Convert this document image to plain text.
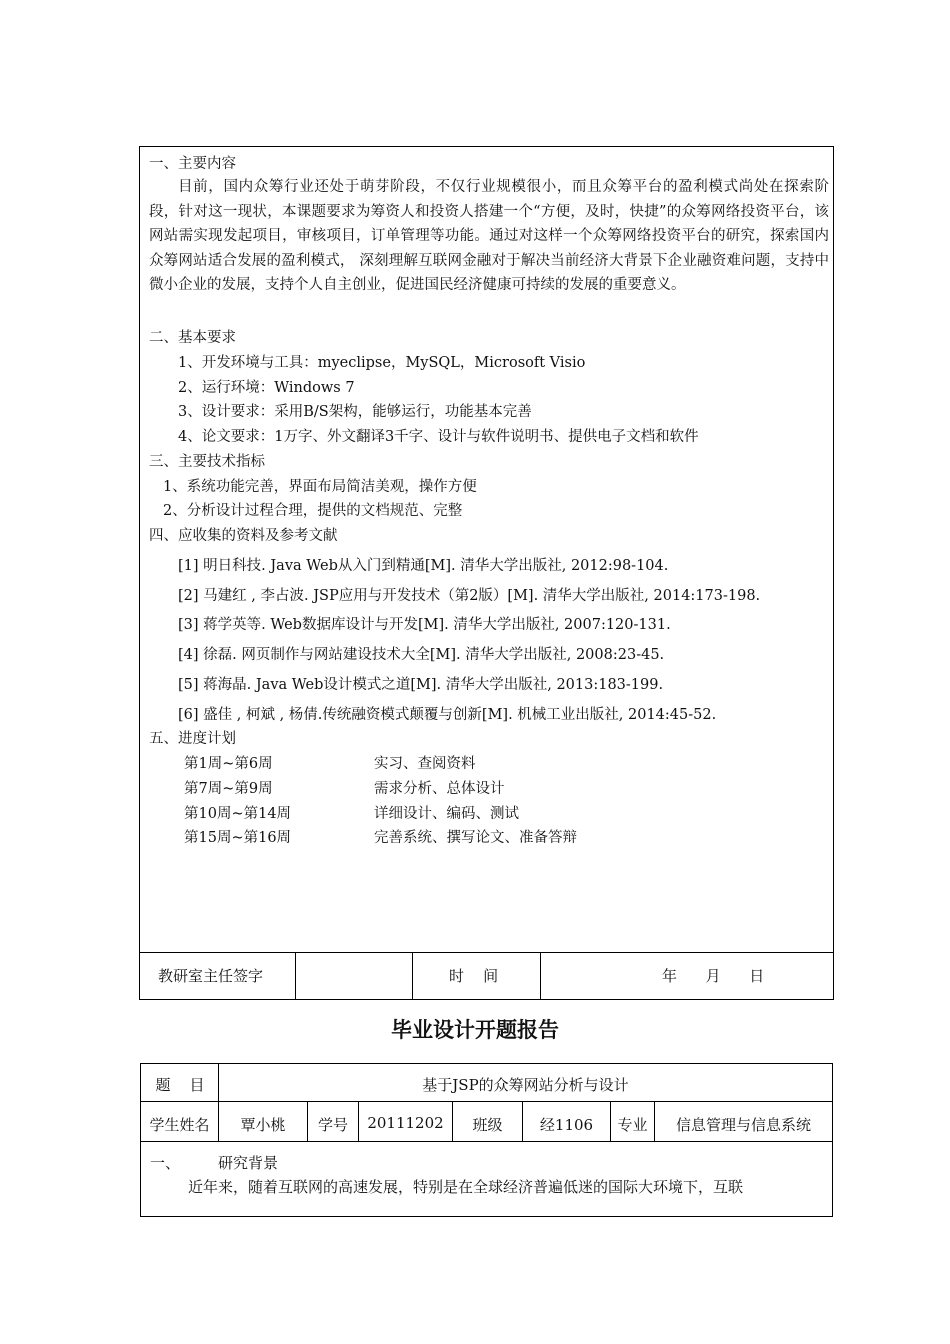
一、主要内容
目前，国内众筹行业还处于萌芽阶段，不仅行业规模很小，而且众筹平台的盈利模式尚处在探索阶段，针对这一现状，本课题要求为筹资人和投资人搭建一个“方便，及时，快捷”的众筹网络投资平台，该网站需实现发起项目，审核项目，订单管理等功能。通过对这样一个众筹网络投资平台的研究，探索国内众筹网站适合发展的盈利模式， 深刻理解互联网金融对于解决当前经济大背景下企业融资难问题，支持中微小企业的发展，支持个人自主创业，促进国民经济健康可持续的发展的重要意义。
二、基本要求
1、开发环境与工具：myeclipse，MySQL，Microsoft Visio
2、运行环境：Windows 7
3、设计要求：采用B/S架构，能够运行，功能基本完善
4、论文要求：1万字、外文翻译3千字、设计与软件说明书、提供电子文档和软件
三、主要技术指标
1、系统功能完善，界面布局简洁美观，操作方便
2、分析设计过程合理，提供的文档规范、完整
四、应收集的资料及参考文献
[1] 明日科技. Java Web从入门到精通[M]. 清华大学出版社, 2012:98-104.
[2] 马建红 , 李占波. JSP应用与开发技术（第2版）[M]. 清华大学出版社, 2014:173-198.
[3] 蒋学英等. Web数据库设计与开发[M]. 清华大学出版社, 2007:120-131.
[4] 徐磊. 网页制作与网站建设技术大全[M]. 清华大学出版社, 2008:23-45.
[5] 蒋海晶. Java Web设计模式之道[M]. 清华大学出版社, 2013:183-199.
[6] 盛佳 , 柯斌 , 杨倩.传统融资模式颠覆与创新[M]. 机械工业出版社, 2014:45-52.
五、进度计划
第1周~第6周	实习、查阅资料
第7周~第9周	需求分析、总体设计
第10周~第14周	详细设计、编码、测试
第15周~第16周	完善系统、撰写论文、准备答辩
教研室主任签字	时    间	年      月      日
毕业设计开题报告
题    目	基于JSP的众筹网站分析与设计
学生姓名	覃小桃	学号	20111202	班级	经1106	专业	信息管理与信息系统
一、	研究背景
近年来，随着互联网的高速发展，特别是在全球经济普遍低迷的国际大环境下，互联
